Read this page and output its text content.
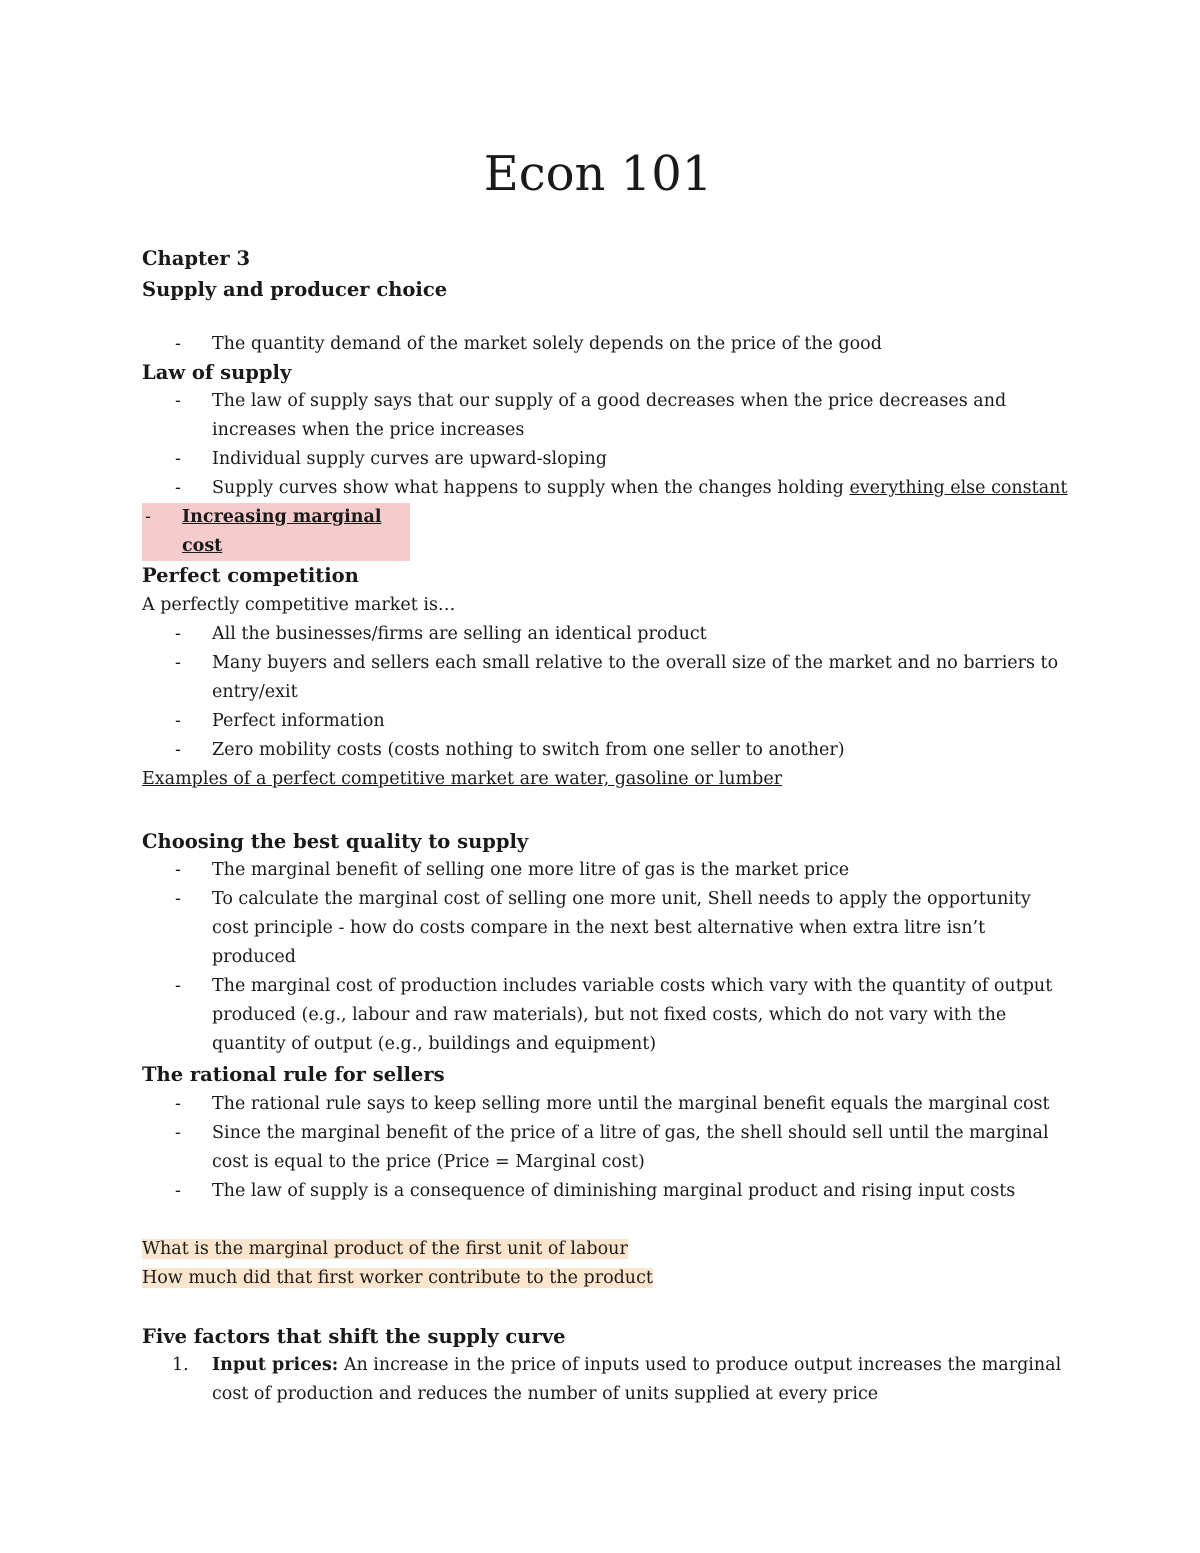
Econ 101

Chapter 3

Supply and producer choice

- The quantity demand of the market solely depends on the price of the good

Law of supply

- The law of supply says that our supply of a good decreases when the price decreases and increases when the price increases
- Individual supply curves are upward-sloping
- Supply curves show what happens to supply when the changes holding everything else constant
- Increasing marginal cost

Perfect competition

A perfectly competitive market is…

- All the businesses/firms are selling an identical product
- Many buyers and sellers each small relative to the overall size of the market and no barriers to entry/exit
- Perfect information
- Zero mobility costs (costs nothing to switch from one seller to another)

Examples of a perfect competitive market are water, gasoline or lumber

Choosing the best quality to supply

- The marginal benefit of selling one more litre of gas is the market price
- To calculate the marginal cost of selling one more unit, Shell needs to apply the opportunity cost principle - how do costs compare in the next best alternative when extra litre isn’t produced
- The marginal cost of production includes variable costs which vary with the quantity of output produced (e.g., labour and raw materials), but not fixed costs, which do not vary with the quantity of output (e.g., buildings and equipment)

The rational rule for sellers

- The rational rule says to keep selling more until the marginal benefit equals the marginal cost
- Since the marginal benefit of the price of a litre of gas, the shell should sell until the marginal cost is equal to the price (Price = Marginal cost)
- The law of supply is a consequence of diminishing marginal product and rising input costs

What is the marginal product of the first unit of labour

How much did that first worker contribute to the product

Five factors that shift the supply curve

1. Input prices: An increase in the price of inputs used to produce output increases the marginal cost of production and reduces the number of units supplied at every price
